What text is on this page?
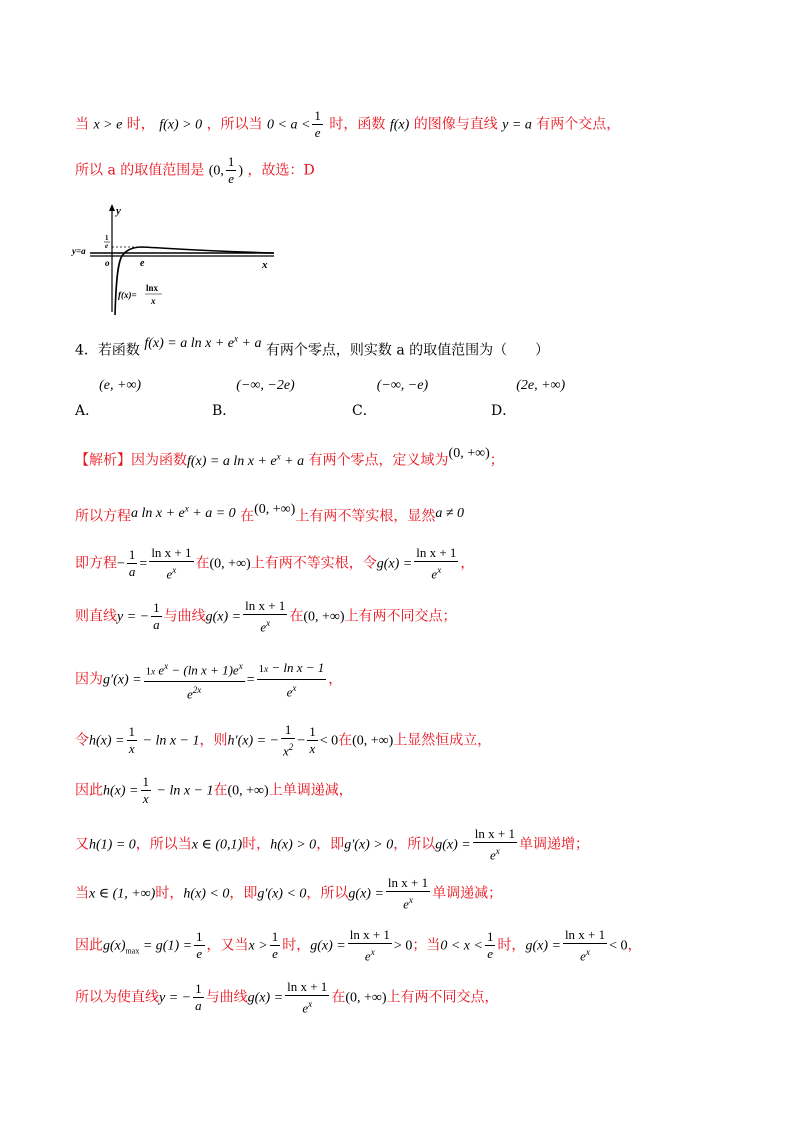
当 x > e 时， f(x) > 0 ，所以当 $0 < a < \frac{1}{e}$ 时，函数 f(x) 的图像与直线 y = a 有两个交点，
所以 a 的取值范围是 (0, $\frac{1}{e}$ ) ，故选：D
y
x
o	e
1
e
y=a
f(x)=
lnx
x
4．若函数 f(x) = a $\ln x + e^x + a$ 有两个零点，则实数 a 的取值范围为（　　）
A．(e, +∞)
B．(−∞, −2e)
C．(−∞, −e)
D．(2e, +∞)
【解析】因为函数f(x) = a $\ln x + e^x + a$ 有两个零点，定义域为(0, +∞)；
所以方程a $\ln x + e^x + a = 0$ 在(0, +∞)上有两不等实根，显然a ≠ 0
即方程− $\frac{1}{a} = \frac{\text{ln x + 1}}{e^x}$ 在(0, +∞)上有两不等实根，令$g(x) = \frac{\text{ln x + 1}}{e^x}$ ，
则直线y = − $\frac{1}{a}$ 与曲线$g(x) = \frac{\text{ln x + 1}}{e^x}$ 在(0, +∞)上有两不同交点；
因为$g'(x) = \frac{1x e^x - (\ln x + 1)e^x}{e^{2x}} = \frac{\text{1x − ln x − 1}}{e^x}$ ，
令$h(x) = \frac{1}{x} - \ln x - 1$，则h′(x) = − $\frac{1}{x^2} - \frac{1}{x} < 0$在(0, +∞)上显然恒成立，
因此$h(x) = \frac{1}{x} - \ln x - 1$在(0, +∞)上单调递减，
又h(1) = 0，所以当x ∈ (0,1)时，h(x) > 0，即g′(x) > 0，所以$g(x) = \frac{\text{ln x + 1}}{e^x}$ 单调递增；
当x ∈ (1, +∞)时，h(x) < 0，即g′(x) < 0，所以$g(x) = \frac{\text{ln x + 1}}{e^x}$ 单调递减；
因此$g(x)_{max} = g(1) = \frac{1}{e}$ ，又当$x > \frac{1}{e}$ 时，$g(x) = \frac{\text{ln x + 1}}{e^x} > 0$；当$0 < x < \frac{1}{e}$ 时，$g(x) = \frac{\text{ln x + 1}}{e^x} < 0$，
所以为使直线y = − $\frac{1}{a}$ 与曲线$g(x) = \frac{\text{ln x + 1}}{e^x}$ 在(0, +∞)上有两不同交点，
